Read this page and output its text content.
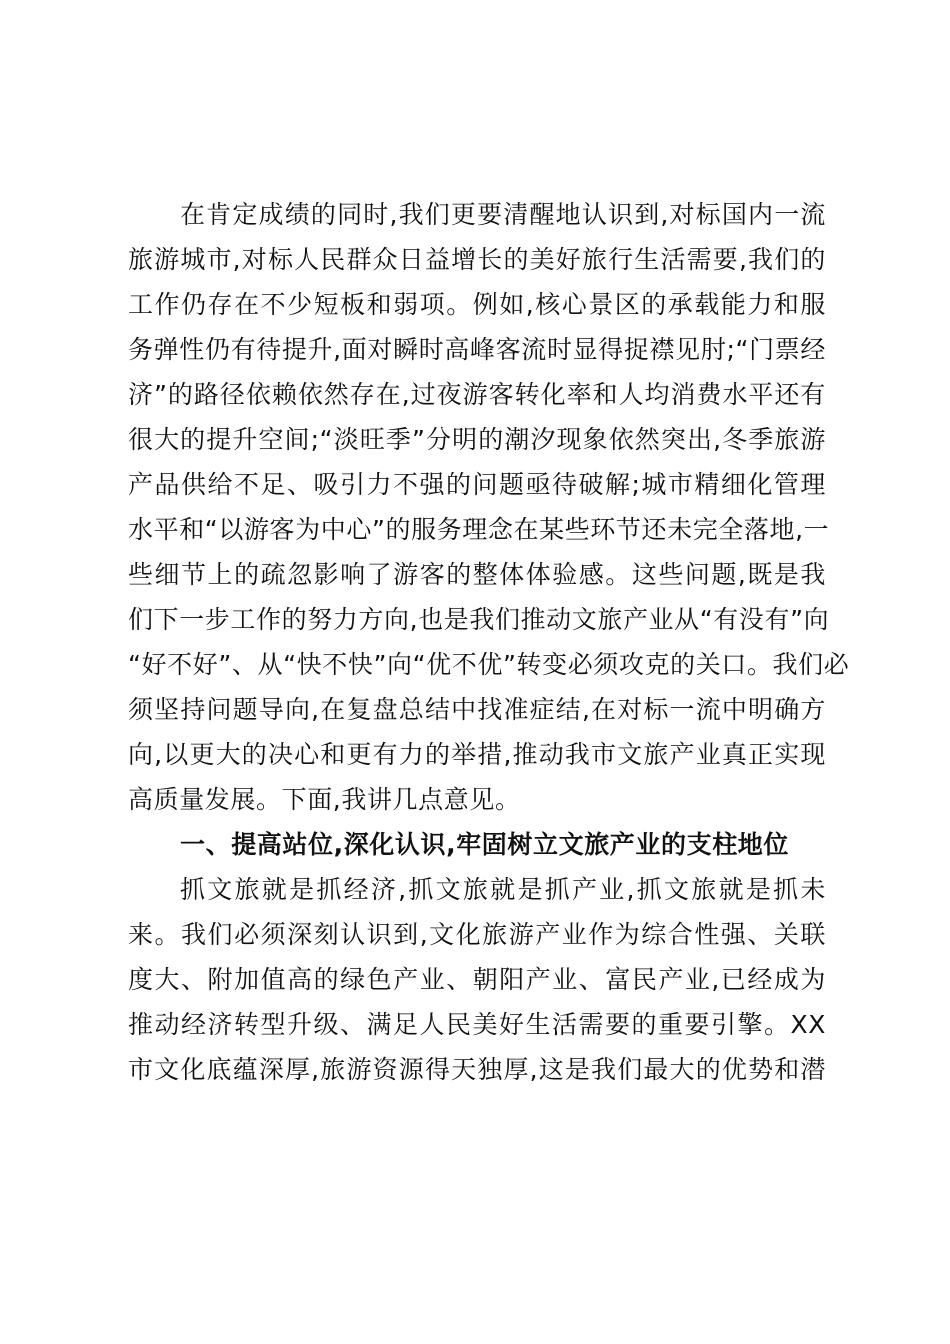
在肯定成绩的同时,我们更要清醒地认识到,对标国内一流
旅游城市,对标人民群众日益增长的美好旅行生活需要,我们的
工作仍存在不少短板和弱项。例如,核心景区的承载能力和服
务弹性仍有待提升,面对瞬时高峰客流时显得捉襟见肘;“门票经
济”的路径依赖依然存在,过夜游客转化率和人均消费水平还有
很大的提升空间;“淡旺季”分明的潮汐现象依然突出,冬季旅游
产品供给不足、吸引力不强的问题亟待破解;城市精细化管理
水平和“以游客为中心”的服务理念在某些环节还未完全落地,一
些细节上的疏忽影响了游客的整体体验感。这些问题,既是我
们下一步工作的努力方向,也是我们推动文旅产业从“有没有”向
“好不好”、从“快不快”向“优不优”转变必须攻克的关口。我们必
须坚持问题导向,在复盘总结中找准症结,在对标一流中明确方
向,以更大的决心和更有力的举措,推动我市文旅产业真正实现
高质量发展。下面,我讲几点意见。
一、提高站位,深化认识,牢固树立文旅产业的支柱地位
抓文旅就是抓经济,抓文旅就是抓产业,抓文旅就是抓未
来。我们必须深刻认识到,文化旅游产业作为综合性强、关联
度大、附加值高的绿色产业、朝阳产业、富民产业,已经成为
推动经济转型升级、满足人民美好生活需要的重要引擎。XX
市文化底蕴深厚,旅游资源得天独厚,这是我们最大的优势和潜
